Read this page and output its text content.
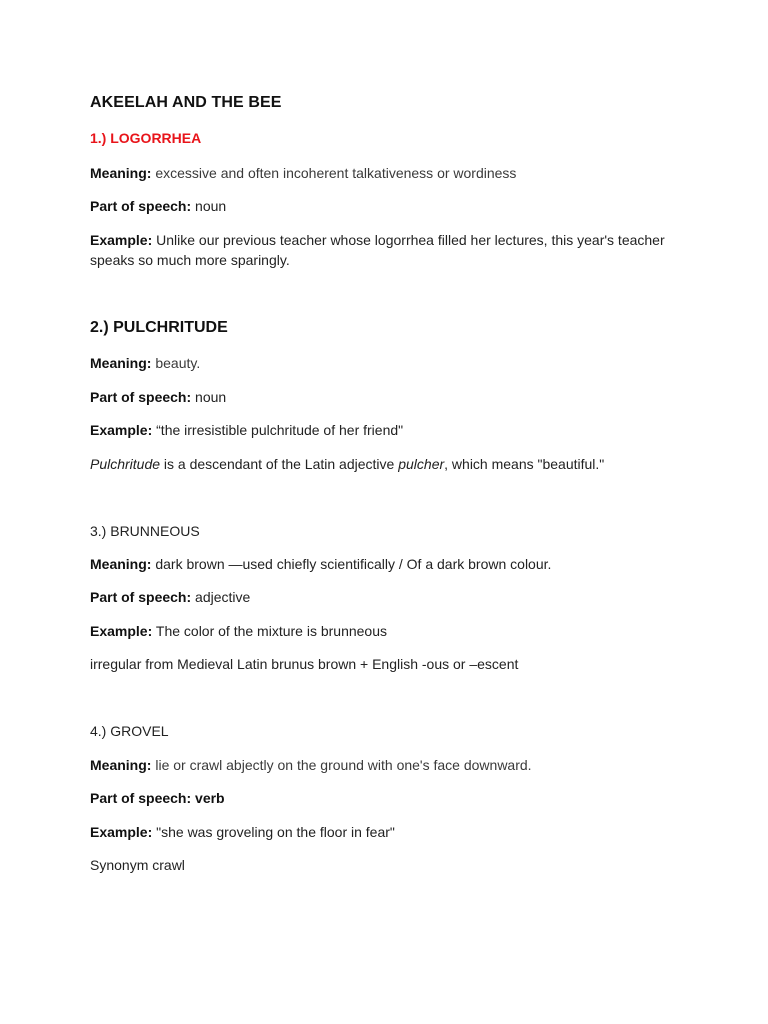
AKEELAH AND THE BEE
1.) LOGORRHEA
Meaning: excessive and often incoherent talkativeness or wordiness
Part of speech: noun
Example: Unlike our previous teacher whose logorrhea filled her lectures, this year's teacher speaks so much more sparingly.
2.) PULCHRITUDE
Meaning: beauty.
Part of speech: noun
Example: “the irresistible pulchritude of her friend"
Pulchritude is a descendant of the Latin adjective pulcher, which means "beautiful."
3.) BRUNNEOUS
Meaning: dark brown —used chiefly scientifically / Of a dark brown colour.
Part of speech: adjective
Example: The color of the mixture is brunneous
irregular from Medieval Latin brunus brown + English -ous or –escent
4.) GROVEL
Meaning: lie or crawl abjectly on the ground with one's face downward.
Part of speech: verb
Example: "she was groveling on the floor in fear"
Synonym crawl
